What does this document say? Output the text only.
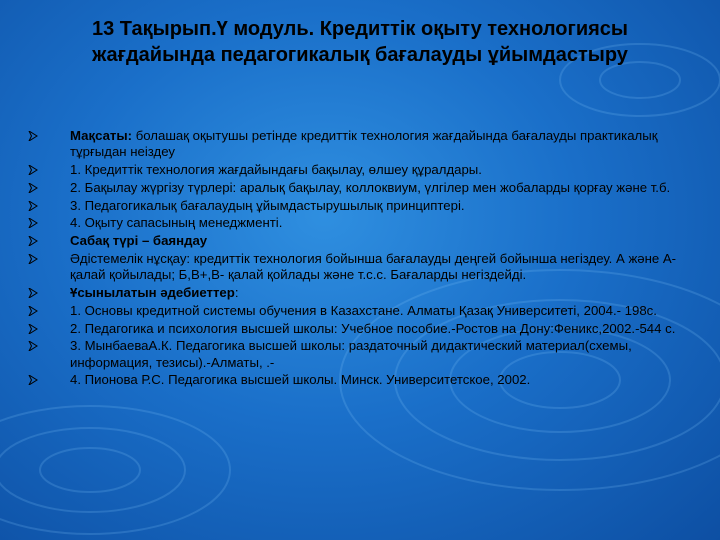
13 Тақырып.Ү модуль. Кредиттік оқыту технологиясы
жағдайында педагогикалық бағалауды ұйымдастыру
Мақсаты: болашақ оқытушы ретінде кредиттік технология жағдайында бағалауды практикалық тұрғыдан неіздеу
1. Кредиттік технология жағдайындағы бақылау, өлшеу құралдары.
2. Бақылау жүргізу түрлері: аралық бақылау, коллоквиум, үлгілер мен жобаларды қорғау және т.б.
3. Педагогикалық бағалаудың ұйымдастырушылық принциптері.
4. Оқыту сапасының менеджменті.
Сабақ түрі – баяндау
Әдістемелік нұсқау: кредиттік технология бойынша бағалауды деңгей бойынша негіздеу. А және А- қалай қойылады; Б,В+,В- қалай қойлады және т.с.с. Бағаларды негіздейді.
Ұсынылатын әдебиеттер:
1. Основы кредитной системы обучения в Казахстане. Алматы Қазақ Университеті, 2004.- 198с.
2. Педагогика и психология высшей школы: Учебное пособие.-Ростов на Дону:Феникс,2002.-544 с.
3. МынбаеваА.К. Педагогика высшей школы: раздаточный дидактический материал(схемы, информация, тезисы).-Алматы, .-
4. Пионова Р.С. Педагогика высшей школы. Минск. Университетское, 2002.
